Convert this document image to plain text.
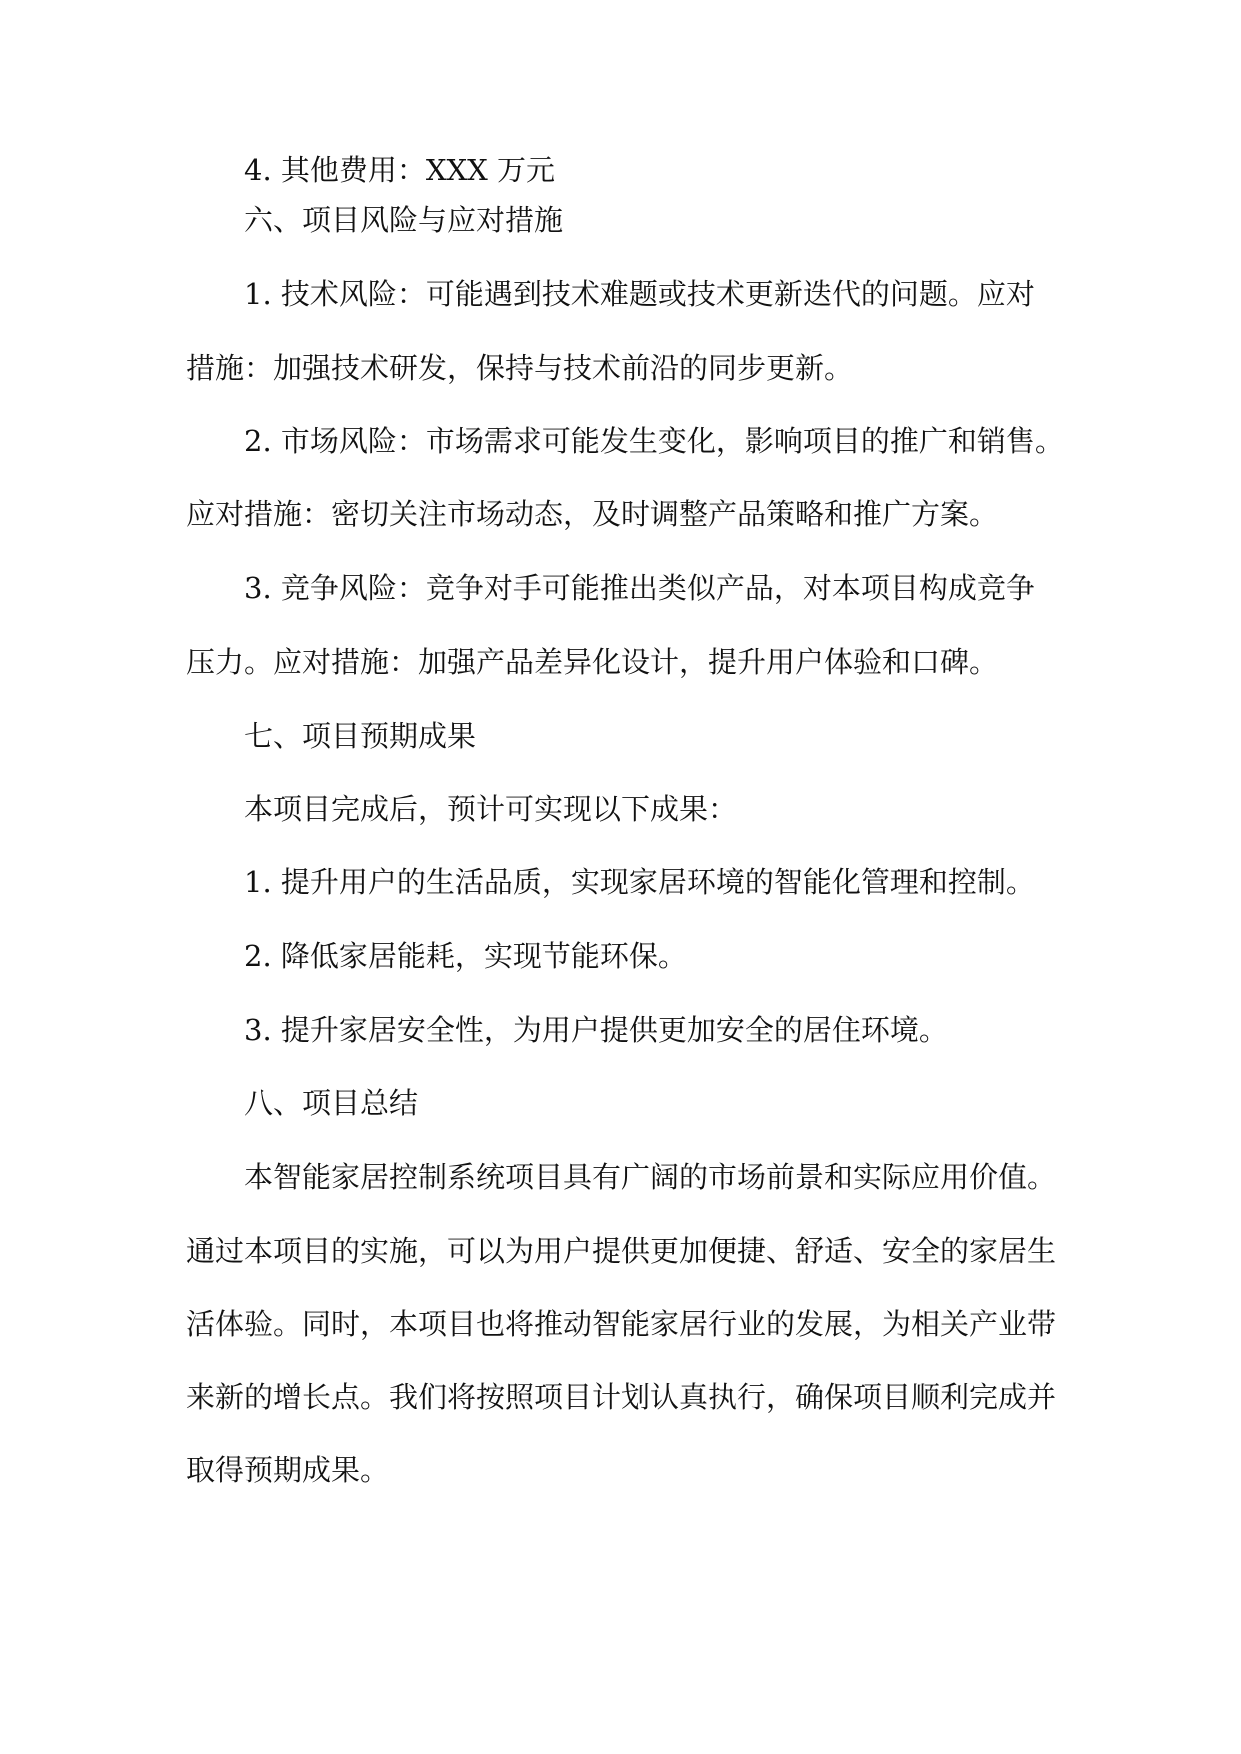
4. 其他费用：XXX 万元
六、项目风险与应对措施
1. 技术风险：可能遇到技术难题或技术更新迭代的问题。应对
措施：加强技术研发，保持与技术前沿的同步更新。
2. 市场风险：市场需求可能发生变化，影响项目的推广和销售。
应对措施：密切关注市场动态，及时调整产品策略和推广方案。
3. 竞争风险：竞争对手可能推出类似产品，对本项目构成竞争
压力。应对措施：加强产品差异化设计，提升用户体验和口碑。
七、项目预期成果
本项目完成后，预计可实现以下成果：
1. 提升用户的生活品质，实现家居环境的智能化管理和控制。
2. 降低家居能耗，实现节能环保。
3. 提升家居安全性，为用户提供更加安全的居住环境。
八、项目总结
本智能家居控制系统项目具有广阔的市场前景和实际应用价值。
通过本项目的实施，可以为用户提供更加便捷、舒适、安全的家居生
活体验。同时，本项目也将推动智能家居行业的发展，为相关产业带
来新的增长点。我们将按照项目计划认真执行，确保项目顺利完成并
取得预期成果。
